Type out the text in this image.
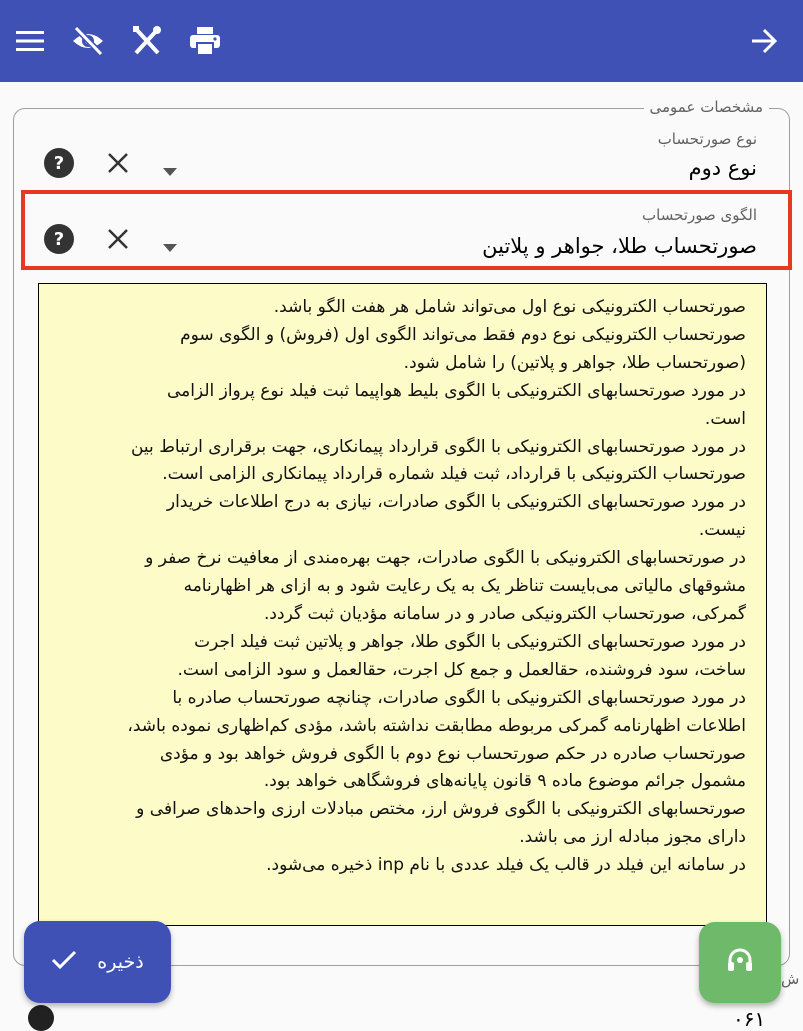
مشخصات عمومی
نوع صورتحساب
نوع دوم
?
الگوی صورتحساب
صورتحساب طلا، جواهر و پلاتین
?
صورتحساب الکترونیکی نوع اول می‌تواند شامل هر هفت الگو باشد.
صورتحساب الکترونیکی نوع دوم فقط می‌تواند الگوی اول (فروش) و الگوی سوم
(صورتحساب طلا، جواهر و پلاتین) را شامل شود.
در مورد صورتحسابهای الکترونیکی با الگوی بلیط هواپیما ثبت فیلد نوع پرواز الزامی
است.
در مورد صورتحسابهای الکترونیکی با الگوی قرارداد پیمانکاری، جهت برقراری ارتباط بین
صورتحساب الکترونیکی با قرارداد، ثبت فیلد شماره قرارداد پیمانکاری الزامی است.
در مورد صورتحسابهای الکترونیکی با الگوی صادرات، نیازی به درج اطلاعات خریدار
نیست.
در صورتحسابهای الکترونیکی با الگوی صادرات، جهت بهره‌مندی از معافیت نرخ صفر و
مشوقهای مالیاتی می‌بایست تناظر یک به یک رعایت شود و به ازای هر اظهارنامه
گمرکی، صورتحساب الکترونیکی صادر و در سامانه مؤدیان ثبت گردد.
در مورد صورتحسابهای الکترونیکی با الگوی طلا، جواهر و پلاتین ثبت فیلد اجرت
ساخت، سود فروشنده، حقالعمل و جمع کل اجرت، حقالعمل و سود الزامی است.
در مورد صورتحسابهای الکترونیکی با الگوی صادرات، چنانچه صورتحساب صادره با
اطلاعات اظهارنامه گمرکی مربوطه مطابقت نداشته باشد، مؤدی کم‌اظهاری نموده باشد،
صورتحساب صادره در حکم صورتحساب نوع دوم با الگوی فروش خواهد بود و مؤدی
مشمول جرائم موضوع ماده ۹ قانون پایانه‌های فروشگاهی خواهد بود.
صورتحسابهای الکترونیکی با الگوی فروش ارز، مختص مبادلات ارزی واحدهای صرافی و
دارای مجوز مبادله ارز می باشد.
در سامانه این فیلد در قالب یک فیلد عددی با نام inp ذخیره می‌شود.
ش
۰۶۱
ذخیره
